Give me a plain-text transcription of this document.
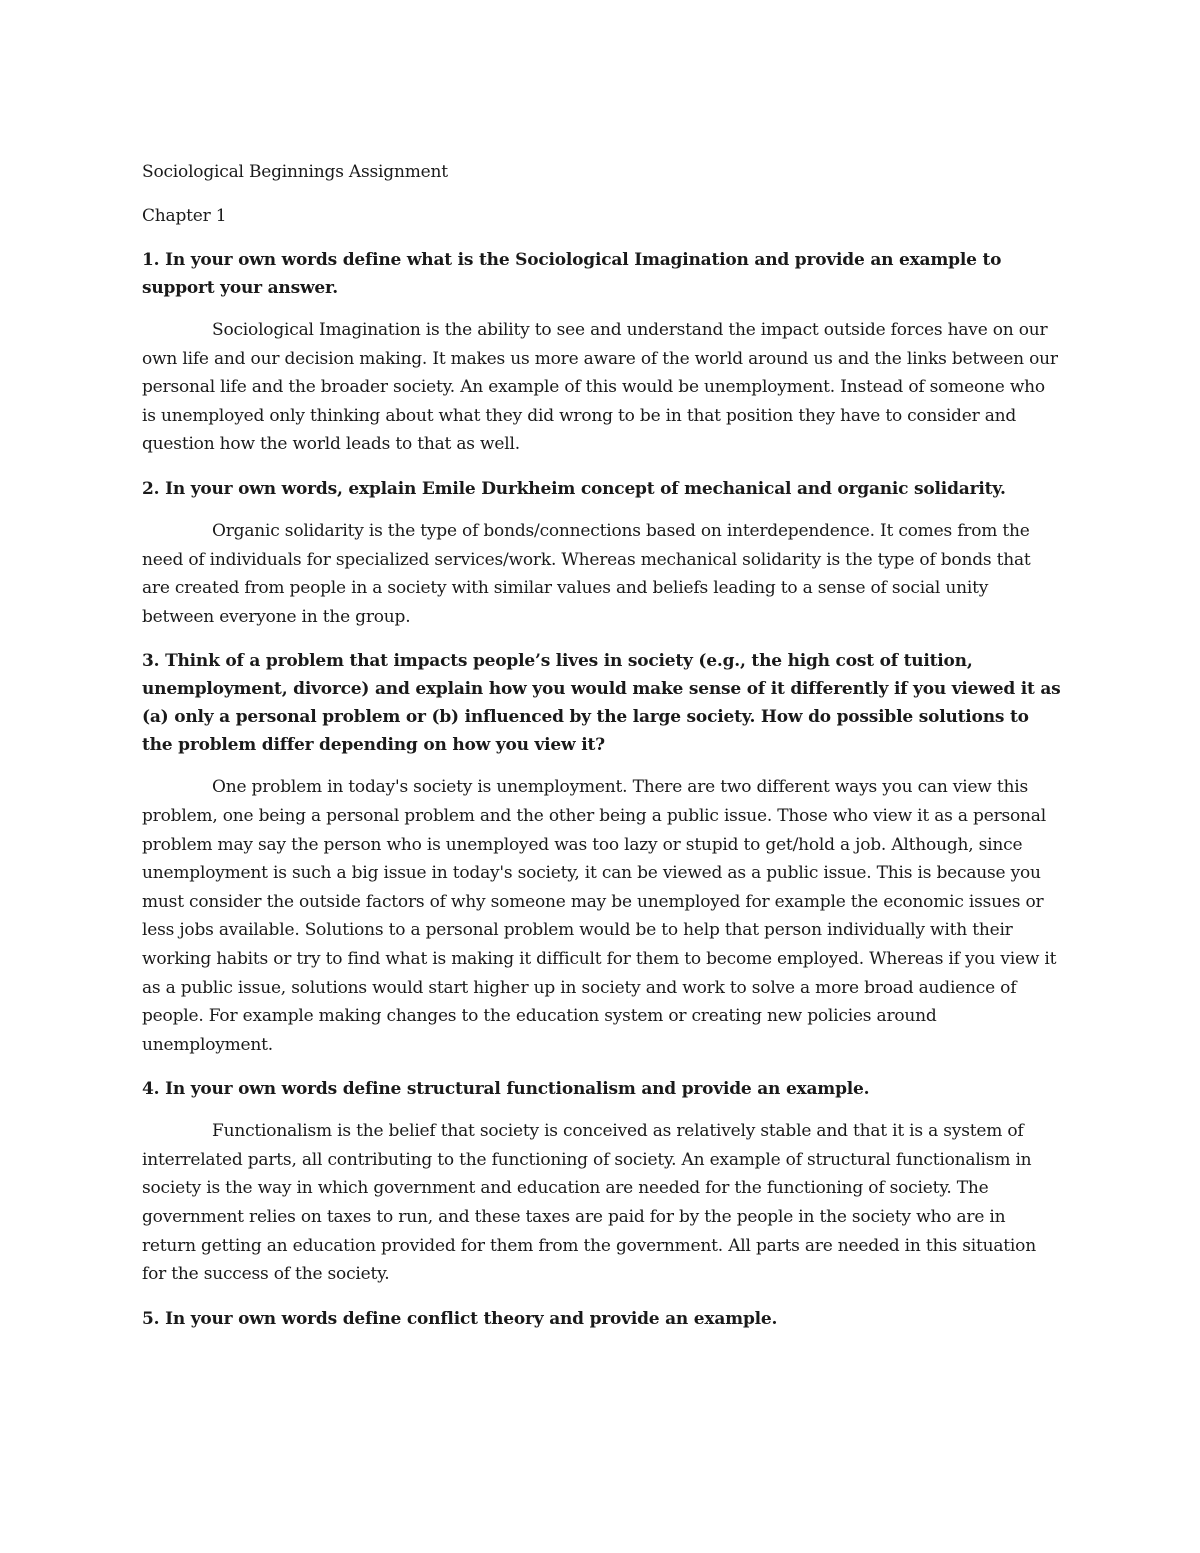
Sociological Beginnings Assignment

Chapter 1

1. In your own words define what is the Sociological Imagination and provide an example to support your answer.

Sociological Imagination is the ability to see and understand the impact outside forces have on our own life and our decision making. It makes us more aware of the world around us and the links between our personal life and the broader society. An example of this would be unemployment. Instead of someone who is unemployed only thinking about what they did wrong to be in that position they have to consider and question how the world leads to that as well.

2. In your own words, explain Emile Durkheim concept of mechanical and organic solidarity.

Organic solidarity is the type of bonds/connections based on interdependence. It comes from the need of individuals for specialized services/work. Whereas mechanical solidarity is the type of bonds that are created from people in a society with similar values and beliefs leading to a sense of social unity between everyone in the group.

3. Think of a problem that impacts people’s lives in society (e.g., the high cost of tuition, unemployment, divorce) and explain how you would make sense of it differently if you viewed it as (a) only a personal problem or (b) influenced by the large society. How do possible solutions to the problem differ depending on how you view it?

One problem in today's society is unemployment. There are two different ways you can view this problem, one being a personal problem and the other being a public issue. Those who view it as a personal problem may say the person who is unemployed was too lazy or stupid to get/hold a job. Although, since unemployment is such a big issue in today's society, it can be viewed as a public issue. This is because you must consider the outside factors of why someone may be unemployed for example the economic issues or less jobs available. Solutions to a personal problem would be to help that person individually with their working habits or try to find what is making it difficult for them to become employed. Whereas if you view it as a public issue, solutions would start higher up in society and work to solve a more broad audience of people. For example making changes to the education system or creating new policies around unemployment.

4. In your own words define structural functionalism and provide an example.

Functionalism is the belief that society is conceived as relatively stable and that it is a system of interrelated parts, all contributing to the functioning of society. An example of structural functionalism in society is the way in which government and education are needed for the functioning of society. The government relies on taxes to run, and these taxes are paid for by the people in the society who are in return getting an education provided for them from the government. All parts are needed in this situation for the success of the society.

5. In your own words define conflict theory and provide an example.
